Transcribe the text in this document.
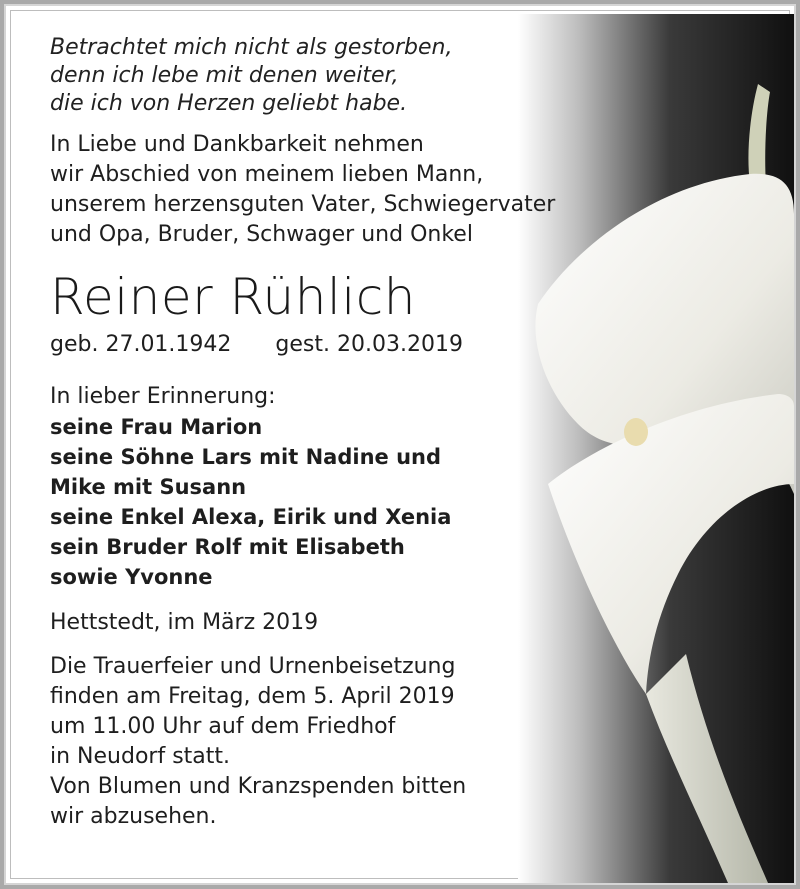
Betrachtet mich nicht als gestorben,
denn ich lebe mit denen weiter,
die ich von Herzen geliebt habe.
In Liebe und Dankbarkeit nehmen
wir Abschied von meinem lieben Mann,
unserem herzensguten Vater, Schwiegervater
und Opa, Bruder, Schwager und Onkel
Reiner Rühlich
geb. 27.01.1942 gest. 20.03.2019
In lieber Erinnerung:
seine Frau Marion
seine Söhne Lars mit Nadine und
Mike mit Susann
seine Enkel Alexa, Eirik und Xenia
sein Bruder Rolf mit Elisabeth
sowie Yvonne
Hettstedt, im März 2019
Die Trauerfeier und Urnenbeisetzung
finden am Freitag, dem 5. April 2019
um 11.00 Uhr auf dem Friedhof
in Neudorf statt.
Von Blumen und Kranzspenden bitten
wir abzusehen.
